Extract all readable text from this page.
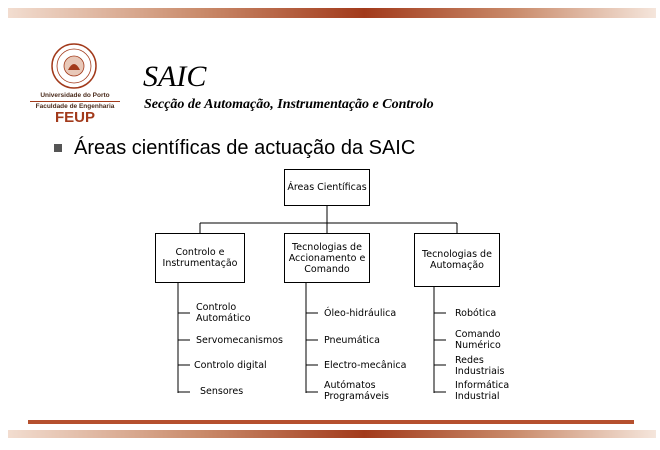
Universidade do Porto
Faculdade de Engenharia
FEUP
SAIC
Secção de Automação, Instrumentação e Controlo
Áreas científicas de actuação da SAIC
Áreas Científicas
Controlo e Instrumentação
Tecnologias de Accionamento e Comando
Tecnologias de Automação
Controlo Automático
Servomecanismos
Controlo digital
Sensores
Óleo-hidráulica
Pneumática
Electro-mecânica
Autómatos Programáveis
Robótica
Comando Numérico
Redes Industriais
Informática Industrial
